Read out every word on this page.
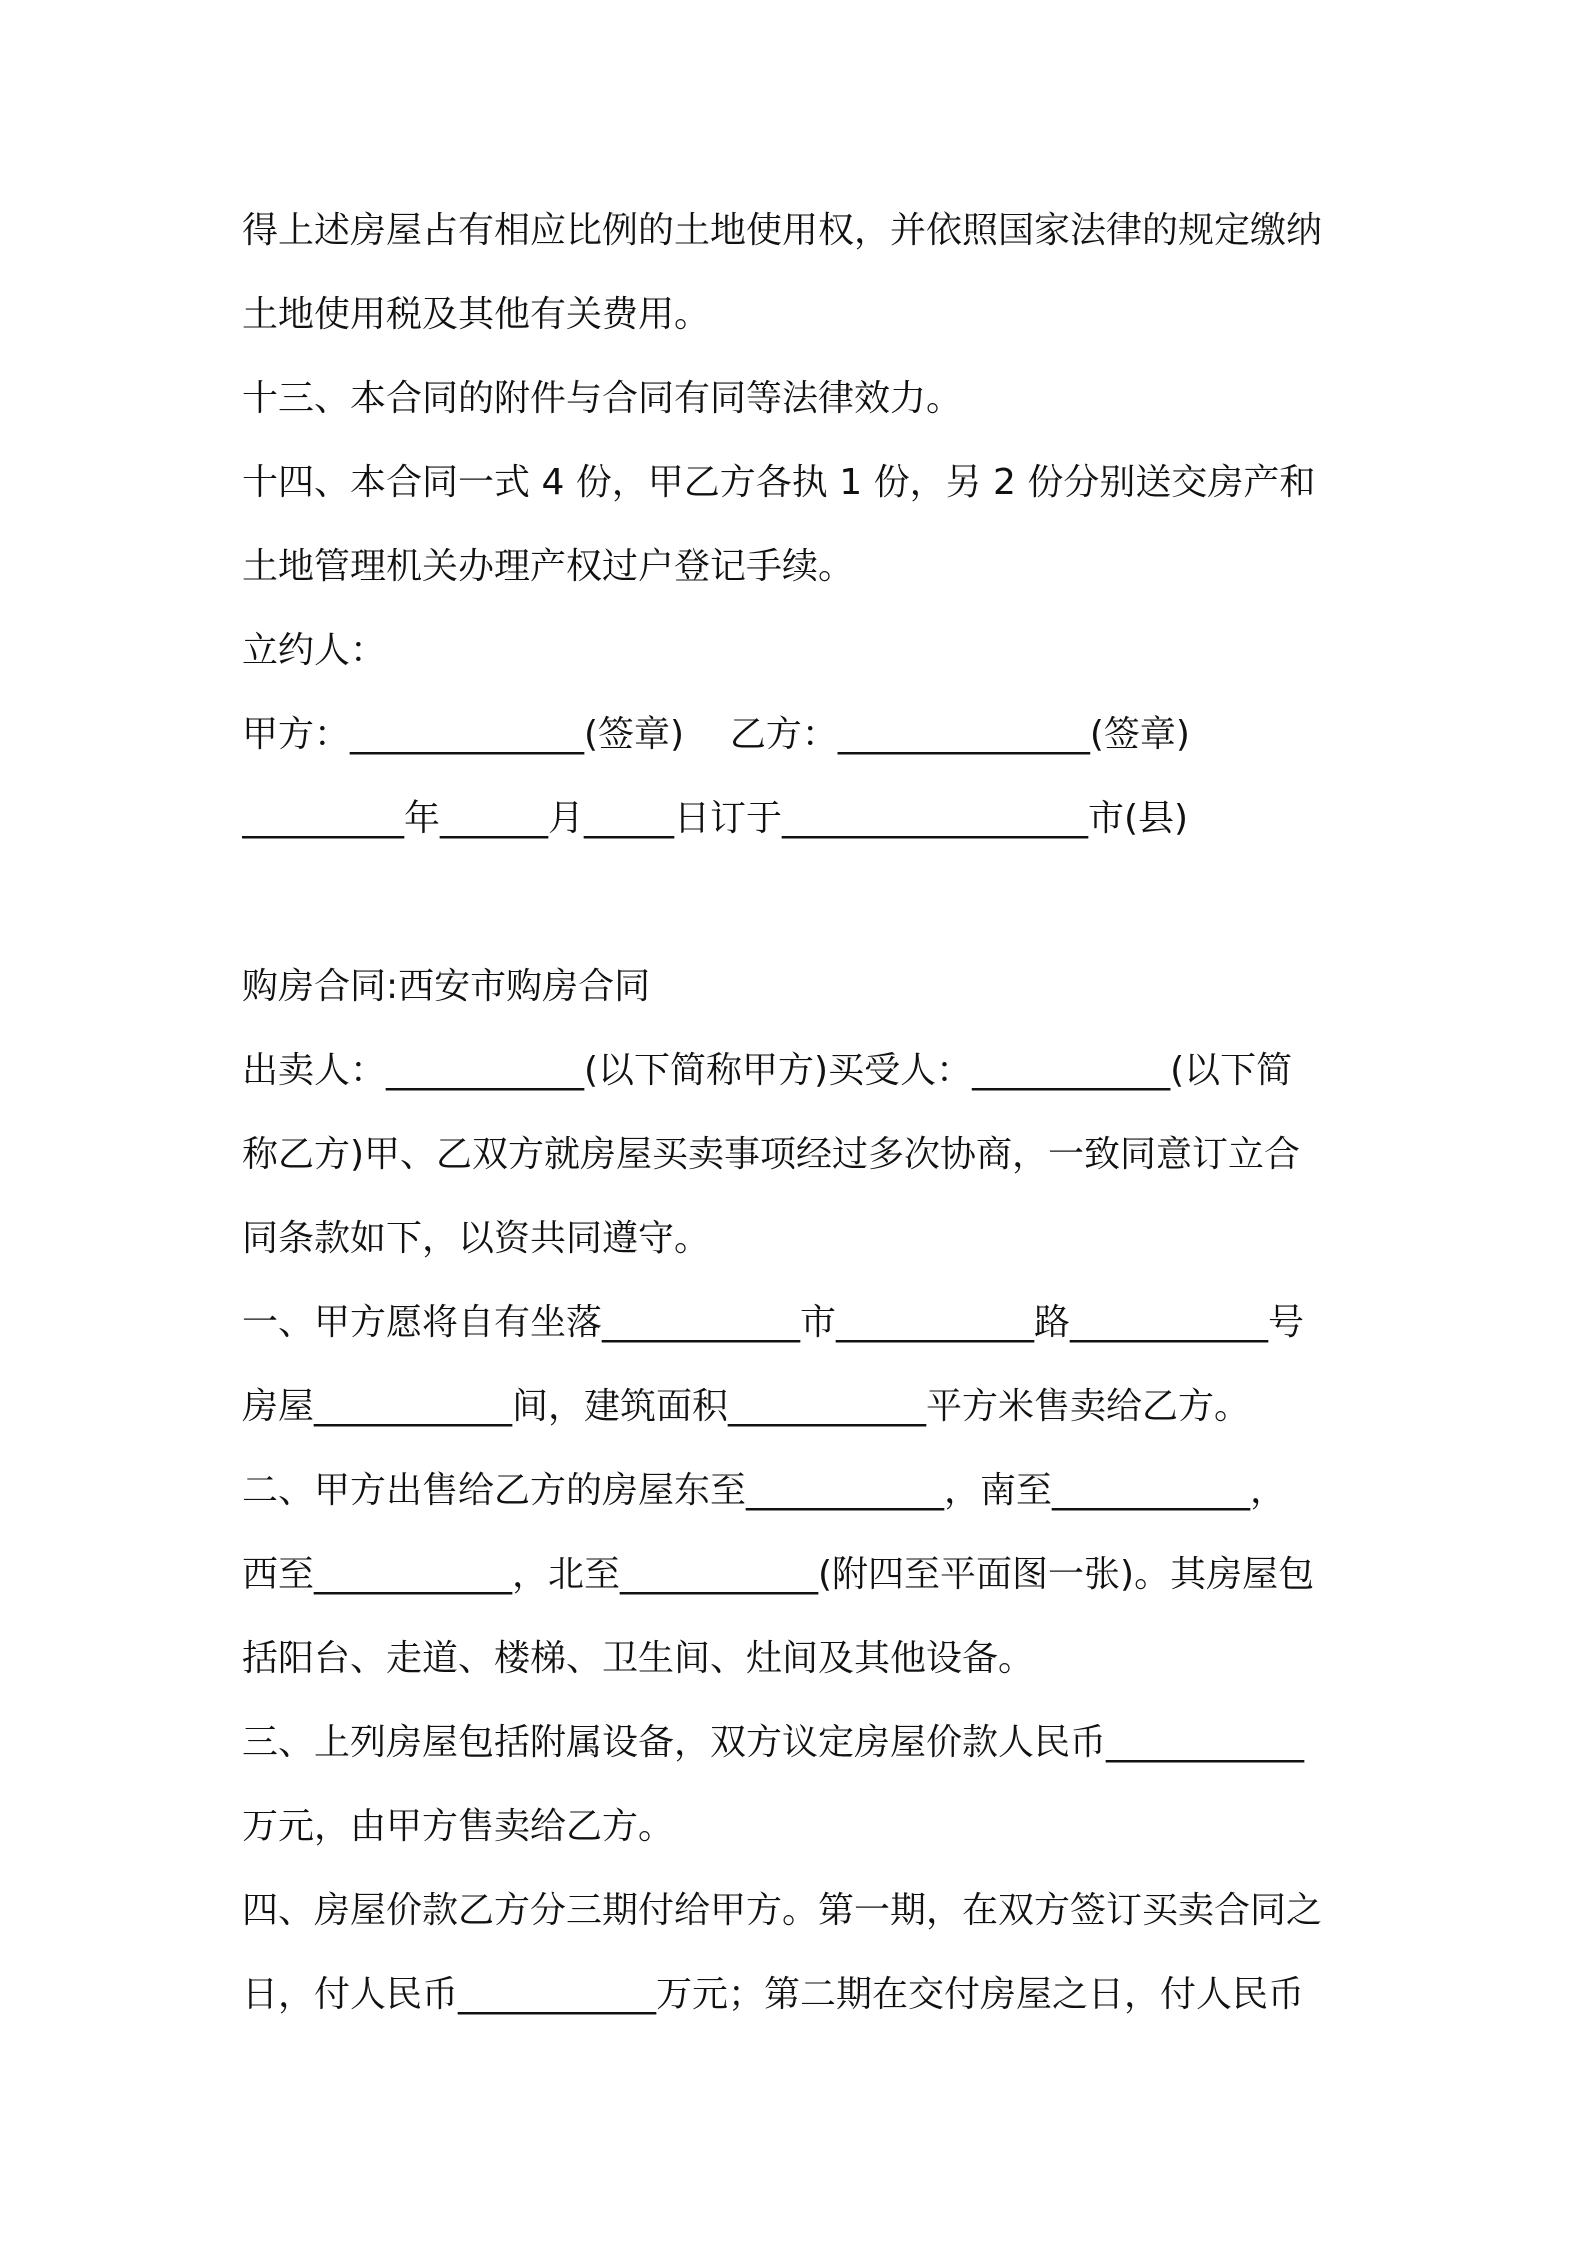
得上述房屋占有相应比例的土地使用权，并依照国家法律的规定缴纳
土地使用税及其他有关费用。
十三、本合同的附件与合同有同等法律效力。
十四、本合同一式 4 份，甲乙方各执 1 份，另 2 份分别送交房产和
土地管理机关办理产权过户登记手续。
立约人：
甲方：_____________(签章)    乙方：______________(签章)
_________年______月_____日订于_________________市(县)
购房合同:西安市购房合同
出卖人：___________(以下简称甲方)买受人：___________(以下简
称乙方)甲、乙双方就房屋买卖事项经过多次协商，一致同意订立合
同条款如下，以资共同遵守。
一、甲方愿将自有坐落___________市___________路___________号
房屋___________间，建筑面积___________平方米售卖给乙方。
二、甲方出售给乙方的房屋东至___________，南至___________，
西至___________，北至___________(附四至平面图一张)。其房屋包
括阳台、走道、楼梯、卫生间、灶间及其他设备。
三、上列房屋包括附属设备，双方议定房屋价款人民币___________
万元，由甲方售卖给乙方。
四、房屋价款乙方分三期付给甲方。第一期，在双方签订买卖合同之
日，付人民币___________万元；第二期在交付房屋之日，付人民币
